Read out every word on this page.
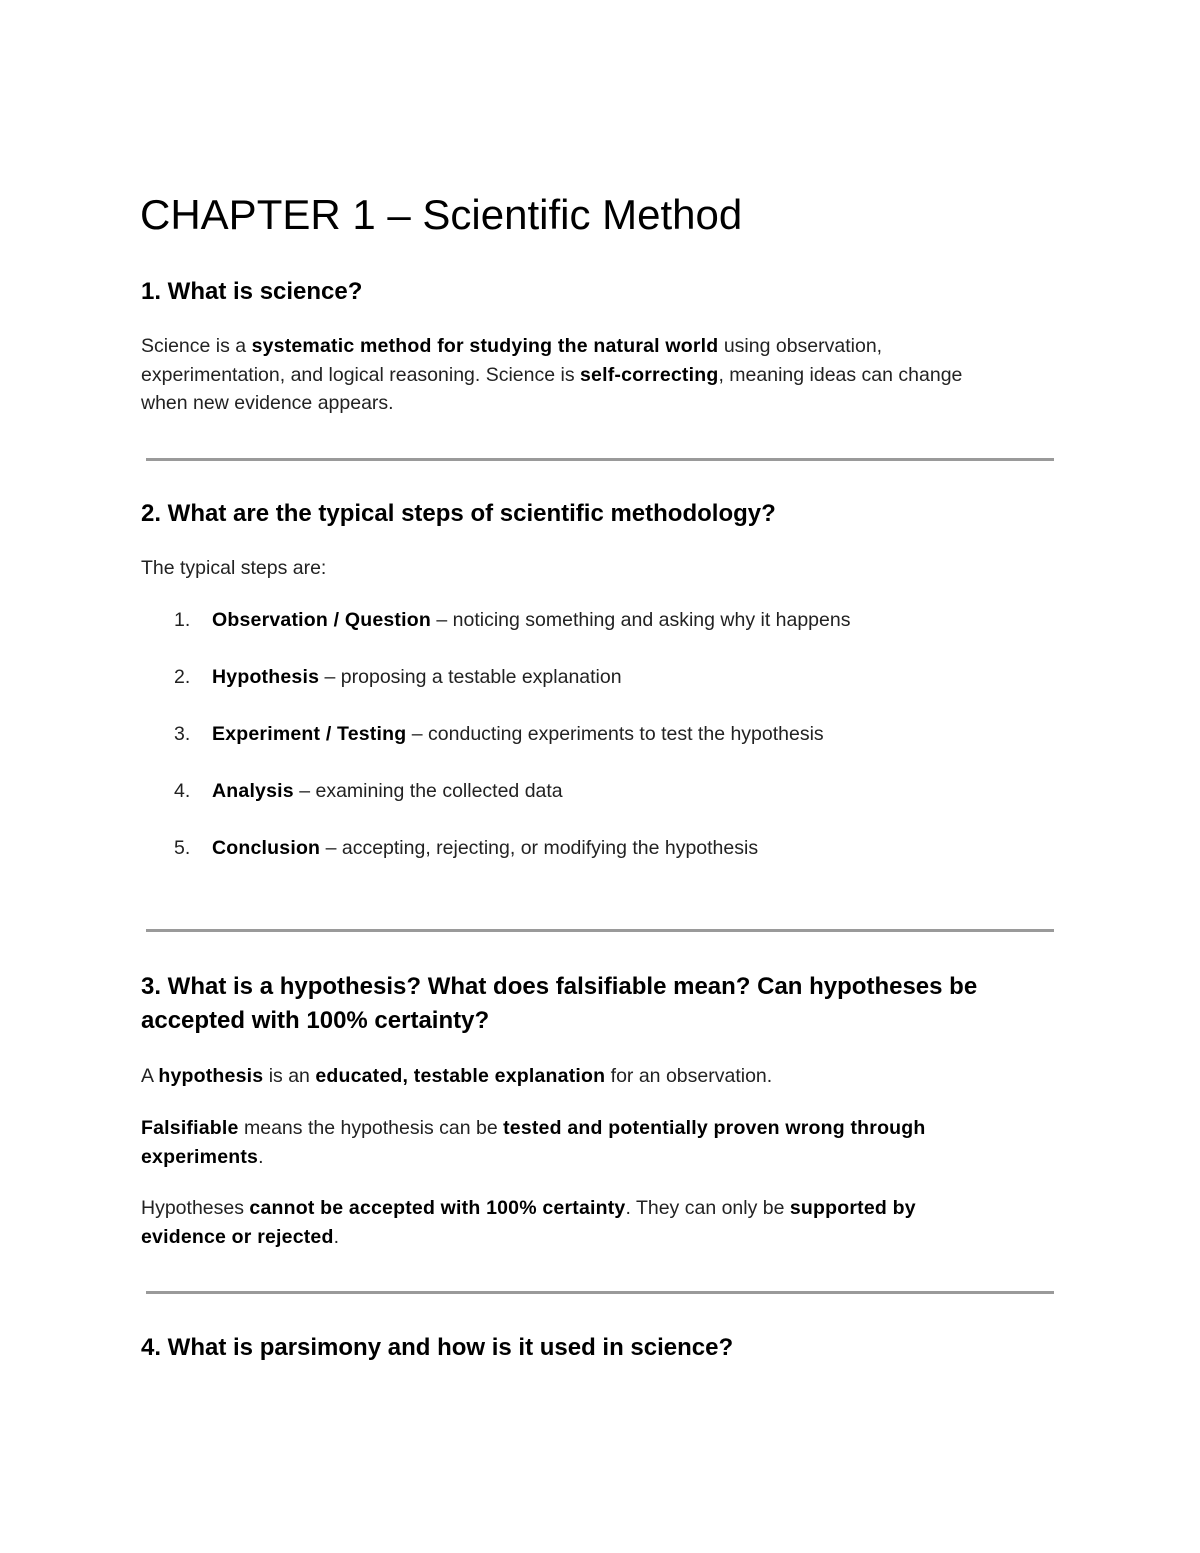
CHAPTER 1 – Scientific Method
1. What is science?
Science is a systematic method for studying the natural world using observation,
experimentation, and logical reasoning. Science is self-correcting, meaning ideas can change
when new evidence appears.
2. What are the typical steps of scientific methodology?
The typical steps are:
1. Observation / Question – noticing something and asking why it happens
2. Hypothesis – proposing a testable explanation
3. Experiment / Testing – conducting experiments to test the hypothesis
4. Analysis – examining the collected data
5. Conclusion – accepting, rejecting, or modifying the hypothesis
3. What is a hypothesis? What does falsifiable mean? Can hypotheses be
accepted with 100% certainty?
A hypothesis is an educated, testable explanation for an observation.
Falsifiable means the hypothesis can be tested and potentially proven wrong through
experiments.
Hypotheses cannot be accepted with 100% certainty. They can only be supported by
evidence or rejected.
4. What is parsimony and how is it used in science?
